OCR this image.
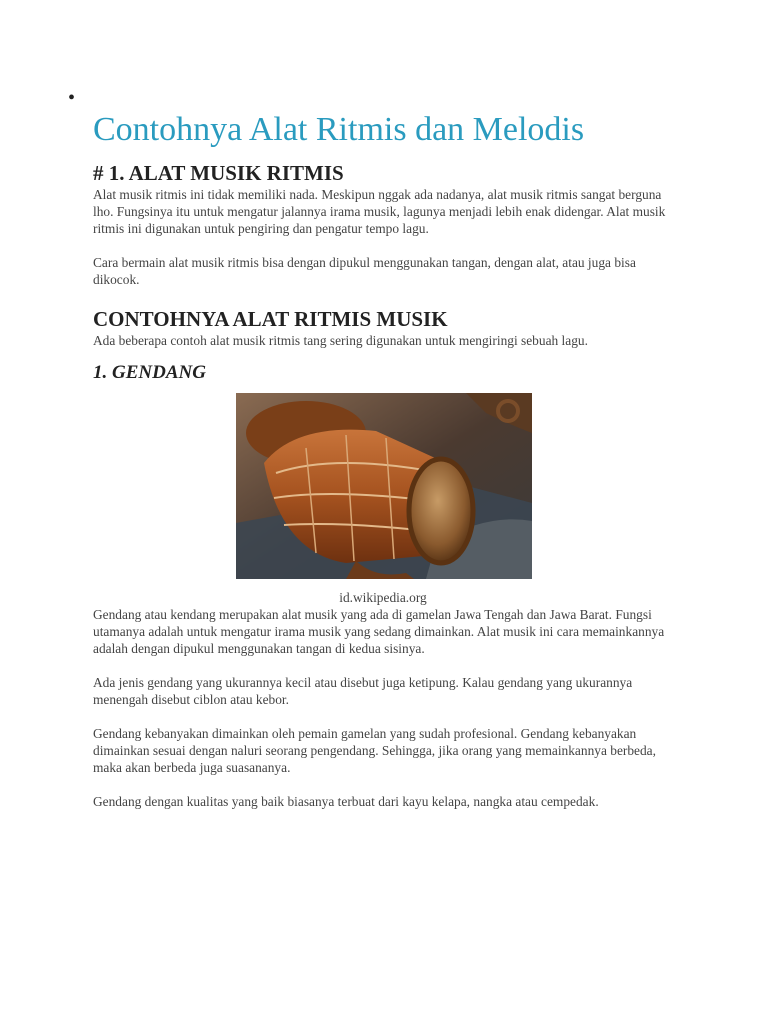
•
Contohnya Alat Ritmis dan Melodis
# 1. ALAT MUSIK RITMIS

Alat musik ritmis ini tidak memiliki nada. Meskipun nggak ada nadanya, alat musik ritmis sangat berguna lho. Fungsinya itu untuk mengatur jalannya irama musik, lagunya menjadi lebih enak didengar. Alat musik ritmis ini digunakan untuk pengiring dan pengatur tempo lagu.

Cara bermain alat musik ritmis bisa dengan dipukul menggunakan tangan, dengan alat, atau juga bisa dikocok.

CONTOHNYA ALAT RITMIS MUSIK

Ada beberapa contoh alat musik ritmis tang sering digunakan untuk mengiringi sebuah lagu.

1. GENDANG
id.wikipedia.org

Gendang atau kendang merupakan alat musik yang ada di gamelan Jawa Tengah dan Jawa Barat. Fungsi utamanya adalah untuk mengatur irama musik yang sedang dimainkan. Alat musik ini cara memainkannya adalah dengan dipukul menggunakan tangan di kedua sisinya.

Ada jenis gendang yang ukurannya kecil atau disebut juga ketipung. Kalau gendang yang ukurannya menengah disebut ciblon atau kebor.

Gendang kebanyakan dimainkan oleh pemain gamelan yang sudah profesional. Gendang kebanyakan dimainkan sesuai dengan naluri seorang pengendang. Sehingga, jika orang yang memainkannya berbeda, maka akan berbeda juga suasananya.

Gendang dengan kualitas yang baik biasanya terbuat dari kayu kelapa, nangka atau cempedak.
